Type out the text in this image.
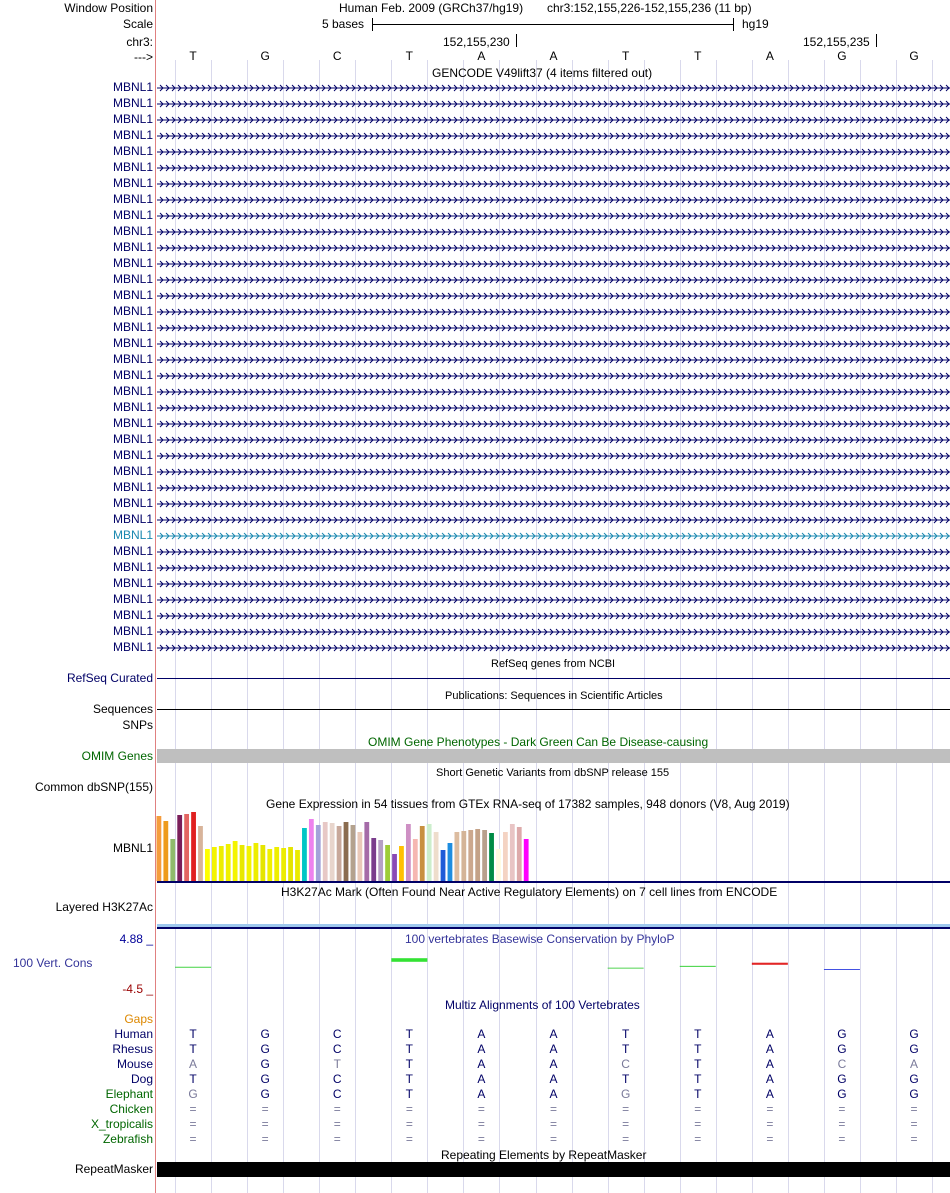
Window Position	Human Feb. 2009 (GRCh37/hg19) chr3:152,155,226-152,155,236 (11 bp)
Scale	5 bases	hg19
chr3:	152,155,230	152,155,235
--->	T	G	C	T	A	A	T	T	A	G	G
GENCODE V49lift37 (4 items filtered out)
MBNL1
MBNL1
MBNL1
MBNL1
MBNL1
MBNL1
MBNL1
MBNL1
MBNL1
MBNL1
MBNL1
MBNL1
MBNL1
MBNL1
MBNL1
MBNL1
MBNL1
MBNL1
MBNL1
MBNL1
MBNL1
MBNL1
MBNL1
MBNL1
MBNL1
MBNL1
MBNL1
MBNL1
MBNL1
MBNL1
MBNL1
MBNL1
MBNL1
MBNL1
MBNL1
MBNL1
RefSeq genes from NCBI
RefSeq Curated
Publications: Sequences in Scientific Articles
Sequences
SNPs
OMIM Gene Phenotypes - Dark Green Can Be Disease-causing
OMIM Genes
Short Genetic Variants from dbSNP release 155
Common dbSNP(155)
Gene Expression in 54 tissues from GTEx RNA-seq of 17382 samples, 948 donors (V8, Aug 2019)
MBNL1
H3K27Ac Mark (Often Found Near Active Regulatory Elements) on 7 cell lines from ENCODE
Layered H3K27Ac
100 vertebrates Basewise Conservation by PhyloP
4.88 _
100 Vert. Cons
-4.5 _
Multiz Alignments of 100 Vertebrates
Gaps
Human	T	G	C	T	A	A	T	T	A	G	G
Rhesus	T	G	C	T	A	A	T	T	A	G	G
Mouse	A	G	T	T	A	A	C	T	A	C	A
Dog	T	G	C	T	A	A	T	T	A	G	G
Elephant	G	G	C	T	A	A	G	T	A	G	G
Chicken	=	=	=	=	=	=	=	=	=	=	=
X_tropicalis	=	=	=	=	=	=	=	=	=	=	=
Zebrafish	=	=	=	=	=	=	=	=	=	=	=
Repeating Elements by RepeatMasker
RepeatMasker
